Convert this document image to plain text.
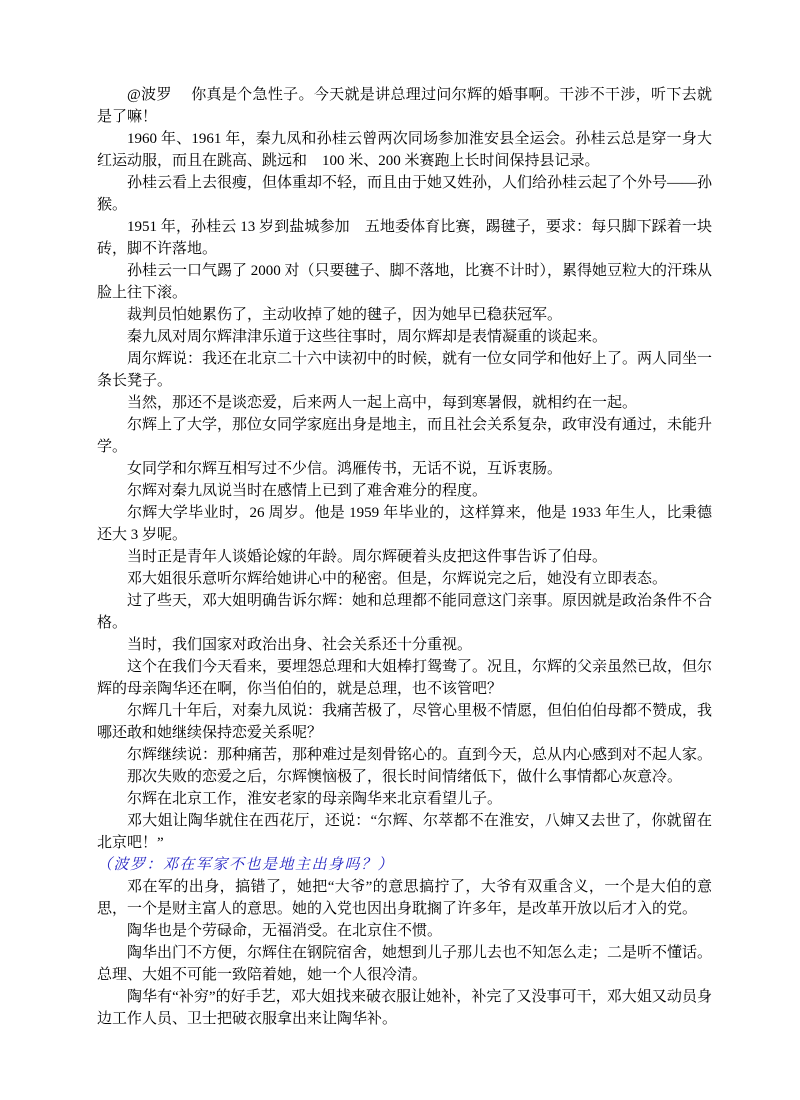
@波罗　 你真是个急性子。今天就是讲总理过问尔辉的婚事啊。干涉不干涉，听下去就是了嘛！

1960 年、1961 年，秦九凤和孙桂云曾两次同场参加淮安县全运会。孙桂云总是穿一身大红运动服，而且在跳高、跳远和　100 米、200 米赛跑上长时间保持县记录。

孙桂云看上去很瘦，但体重却不轻，而且由于她又姓孙，人们给孙桂云起了个外号——孙猴。

1951 年，孙桂云 13 岁到盐城参加　五地委体育比赛，踢毽子，要求：每只脚下踩着一块砖，脚不许落地。

孙桂云一口气踢了 2000 对（只要毽子、脚不落地，比赛不计时），累得她豆粒大的汗珠从脸上往下滚。

裁判员怕她累伤了，主动收掉了她的毽子，因为她早已稳获冠军。

秦九凤对周尔辉津津乐道于这些往事时，周尔辉却是表情凝重的谈起来。

周尔辉说：我还在北京二十六中读初中的时候，就有一位女同学和他好上了。两人同坐一条长凳子。

当然，那还不是谈恋爱，后来两人一起上高中，每到寒暑假，就相约在一起。

尔辉上了大学，那位女同学家庭出身是地主，而且社会关系复杂，政审没有通过，未能升学。

女同学和尔辉互相写过不少信。鸿雁传书，无话不说，互诉衷肠。

尔辉对秦九凤说当时在感情上已到了难舍难分的程度。

尔辉大学毕业时，26 周岁。他是 1959 年毕业的，这样算来，他是 1933 年生人，比秉德还大 3 岁呢。

当时正是青年人谈婚论嫁的年龄。周尔辉硬着头皮把这件事告诉了伯母。

邓大姐很乐意听尔辉给她讲心中的秘密。但是，尔辉说完之后，她没有立即表态。

过了些天，邓大姐明确告诉尔辉：她和总理都不能同意这门亲事。原因就是政治条件不合格。

当时，我们国家对政治出身、社会关系还十分重视。

这个在我们今天看来，要埋怨总理和大姐棒打鸳鸯了。况且，尔辉的父亲虽然已故，但尔辉的母亲陶华还在啊，你当伯伯的，就是总理，也不该管吧？

尔辉几十年后，对秦九凤说：我痛苦极了，尽管心里极不情愿，但伯伯伯母都不赞成，我哪还敢和她继续保持恋爱关系呢？

尔辉继续说：那种痛苦，那种难过是刻骨铭心的。直到今天，总从内心感到对不起人家。

那次失败的恋爱之后，尔辉懊恼极了，很长时间情绪低下，做什么事情都心灰意冷。

尔辉在北京工作，淮安老家的母亲陶华来北京看望儿子。

邓大姐让陶华就住在西花厅，还说：“尔辉、尔萃都不在淮安，八婶又去世了，你就留在北京吧！”

（波罗：邓在军家不也是地主出身吗？）

邓在军的出身，搞错了，她把“大爷”的意思搞拧了，大爷有双重含义，一个是大伯的意思，一个是财主富人的意思。她的入党也因出身耽搁了许多年，是改革开放以后才入的党。

陶华也是个劳碌命，无福消受。在北京住不惯。

陶华出门不方便，尔辉住在钢院宿舍，她想到儿子那儿去也不知怎么走；二是听不懂话。总理、大姐不可能一致陪着她，她一个人很冷清。

陶华有“补穷”的好手艺，邓大姐找来破衣服让她补，补完了又没事可干，邓大姐又动员身边工作人员、卫士把破衣服拿出来让陶华补。
